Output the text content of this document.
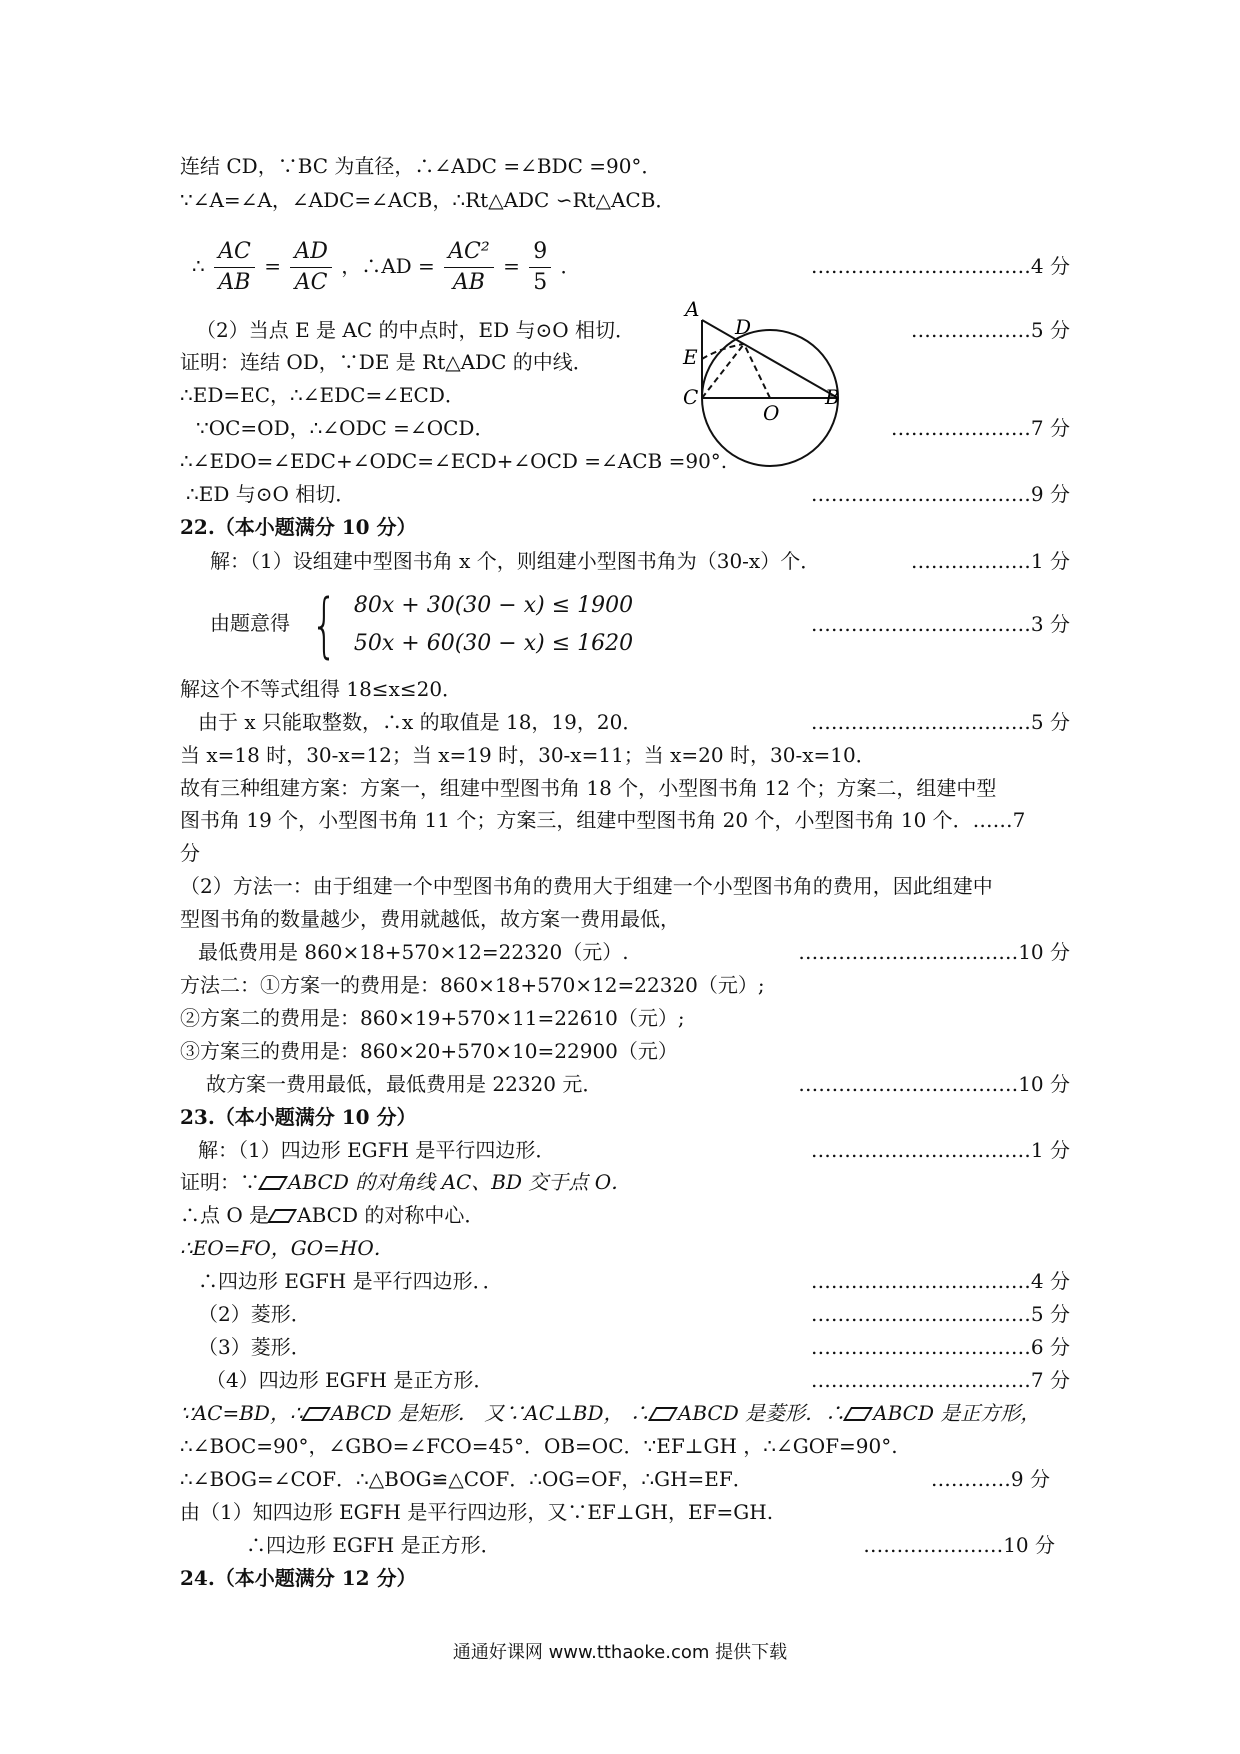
连结 CD，∵BC 为直径，∴∠ADC =∠BDC =90°．
∵∠A=∠A，∠ADC=∠ACB，∴Rt△ADC ∽Rt△ACB．
∴ $\frac{AC}{AB} = \frac{AD}{AC}$ ，∴AD = $\frac{\text{AC²}}{AB} = \frac{9}{5}$ ．	……………………………4 分
（2）当点 E 是 AC 的中点时，ED 与⊙O 相切．	………………5 分
证明：连结 OD，∵DE 是 Rt△ADC 的中线．
∴ED=EC，∴∠EDC=∠ECD．
∵OC=OD，∴∠ODC =∠OCD．	…………………7 分
∴∠EDO=∠EDC+∠ODC=∠ECD+∠OCD =∠ACB =90°.
∴ED 与⊙O 相切．	……………………………9 分
A
D
E
C
O
B
22.（本小题满分 10 分）
解：（1）设组建中型图书角 x 个，则组建小型图书角为（30-x）个．	………………1 分
由题意得 { 80x + 30(30 − x) ≤ 1900
50x + 60(30 − x) ≤ 1620
……………………………3 分
解这个不等式组得 18≤x≤20．
由于 x 只能取整数，∴x 的取值是 18，19，20．	……………………………5 分
当 x=18 时，30-x=12；当 x=19 时，30-x=11；当 x=20 时，30-x=10．
故有三种组建方案：方案一，组建中型图书角 18 个，小型图书角 12 个；方案二，组建中型
图书角 19 个，小型图书角 11 个；方案三，组建中型图书角 20 个，小型图书角 10 个．……7
分
（2）方法一：由于组建一个中型图书角的费用大于组建一个小型图书角的费用，因此组建中
型图书角的数量越少，费用就越低，故方案一费用最低，
最低费用是 860×18+570×12=22320（元）.	……………………………10 分
方法二：①方案一的费用是：860×18+570×12=22320（元）;
②方案二的费用是：860×19+570×11=22610（元）;
③方案三的费用是：860×20+570×10=22900（元）
故方案一费用最低，最低费用是 22320 元．	……………………………10 分
23.（本小题满分 10 分）
解：（1）四边形 EGFH 是平行四边形．	……………………………1 分
证明：∵ ABCD 的对角线 AC、BD 交于点 O．
∴点 O 是 ABCD 的对称中心．
∴EO=FO，GO=HO．
∴四边形 EGFH 是平行四边形．．	……………………………4 分
（2）菱形．	……………………………5 分
（3）菱形．	……………………………6 分
（4）四边形 EGFH 是正方形．	……………………………7 分
∵AC=BD，∴ ABCD 是矩形． 又∵AC⊥BD， ∴ ABCD 是菱形．∴ ABCD 是正方形，
∴∠BOC=90°，∠GBO=∠FCO=45°．OB=OC．∵EF⊥GH ，∴∠GOF=90°.
∴∠BOG=∠COF．∴△BOG≌△COF．∴OG=OF，∴GH=EF．	…………9 分
由（1）知四边形 EGFH 是平行四边形，又∵EF⊥GH，EF=GH.
∴四边形 EGFH 是正方形．	…………………10 分
24.（本小题满分 12 分）
通通好课网 www.tthaoke.com 提供下载
